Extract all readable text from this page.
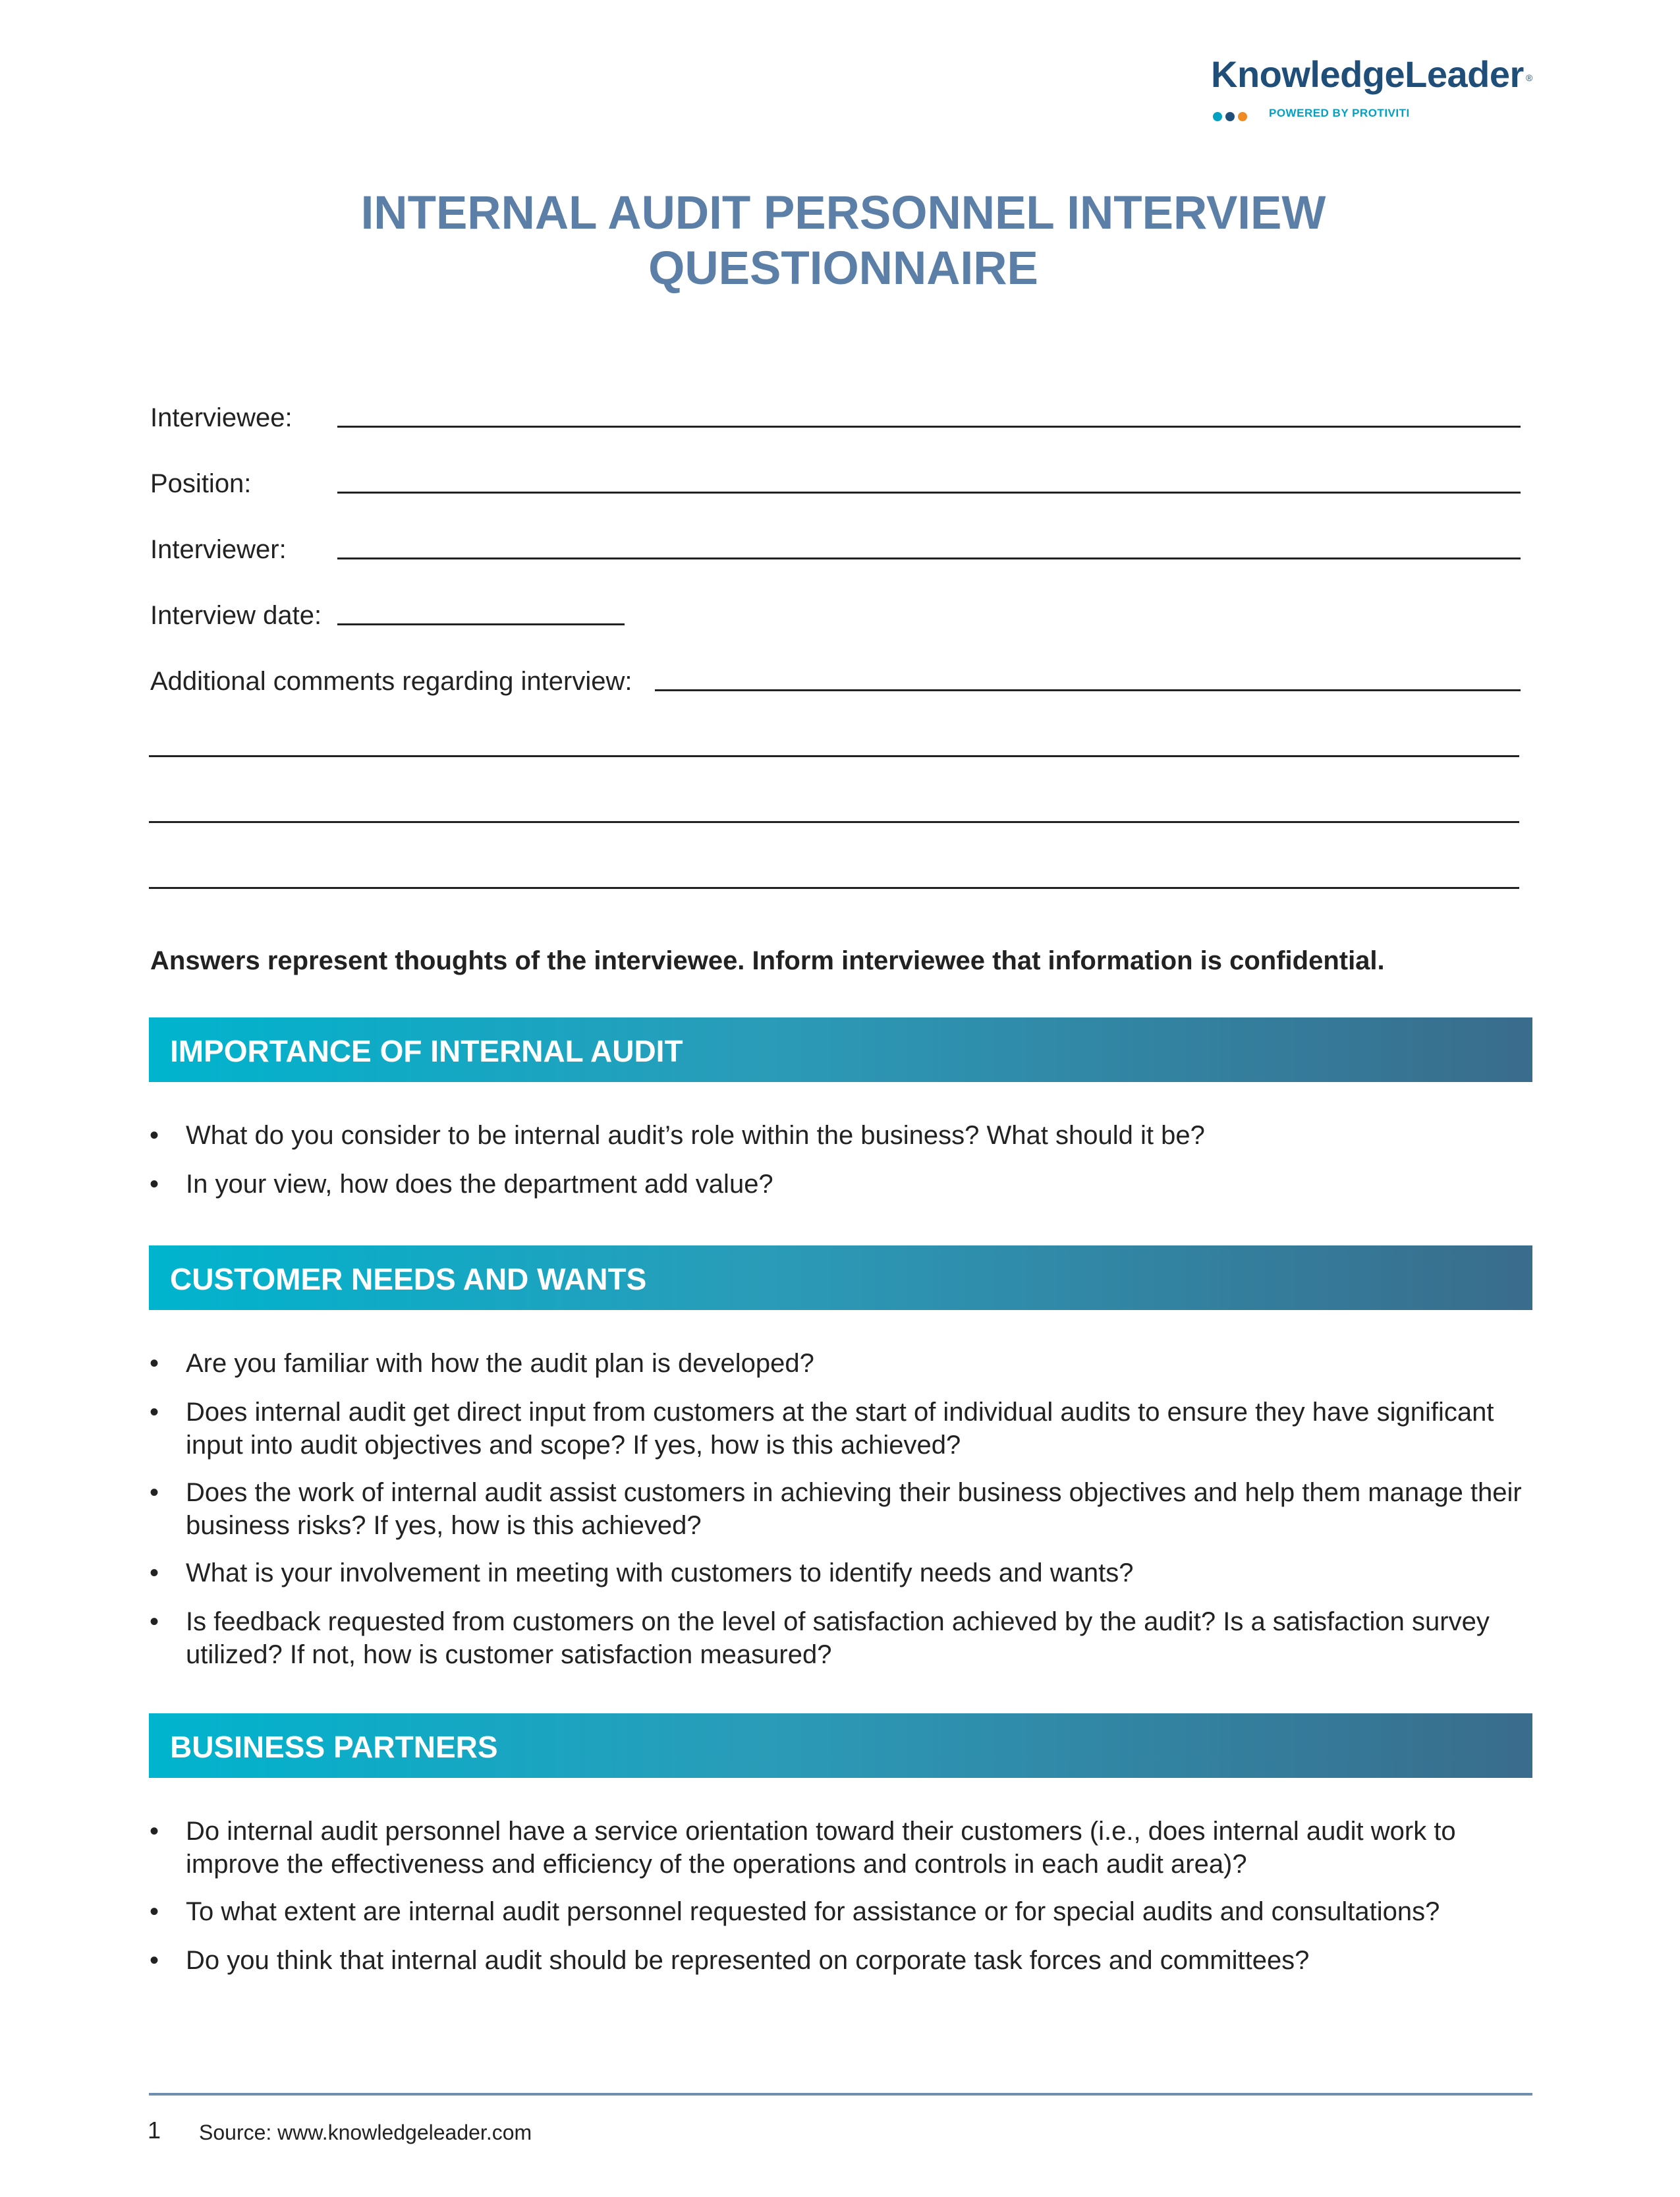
KnowledgeLeader ®
POWERED BY PROTIVITI
INTERNAL AUDIT PERSONNEL INTERVIEW
QUESTIONNAIRE
Interviewee:
Position:
Interviewer:
Interview date:
Additional comments regarding interview:
Answers represent thoughts of the interviewee. Inform interviewee that information is confidential.
IMPORTANCE OF INTERNAL AUDIT
• What do you consider to be internal audit’s role within the business? What should it be?
• In your view, how does the department add value?
CUSTOMER NEEDS AND WANTS
• Are you familiar with how the audit plan is developed?
• Does internal audit get direct input from customers at the start of individual audits to ensure they have significant input into audit objectives and scope? If yes, how is this achieved?
• Does the work of internal audit assist customers in achieving their business objectives and help them manage their business risks? If yes, how is this achieved?
• What is your involvement in meeting with customers to identify needs and wants?
• Is feedback requested from customers on the level of satisfaction achieved by the audit? Is a satisfaction survey utilized? If not, how is customer satisfaction measured?
BUSINESS PARTNERS
• Do internal audit personnel have a service orientation toward their customers (i.e., does internal audit work to improve the effectiveness and efficiency of the operations and controls in each audit area)?
• To what extent are internal audit personnel requested for assistance or for special audits and consultations?
• Do you think that internal audit should be represented on corporate task forces and committees?
1 Source: www.knowledgeleader.com
